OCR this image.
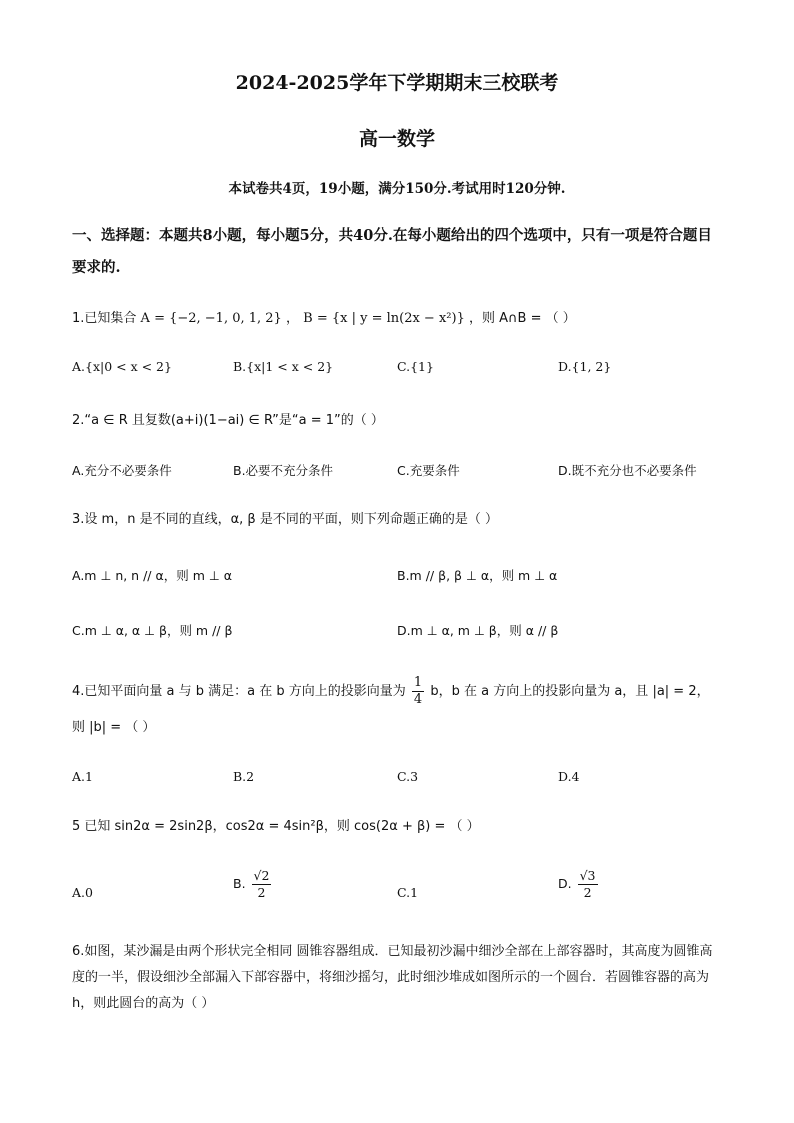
2024-2025学年下学期期末三校联考
高一数学
本试卷共4页，19小题，满分150分.考试用时120分钟.
一、选择题：本题共8小题，每小题5分，共40分.在每小题给出的四个选项中，只有一项是符合题目要求的.
1.已知集合 A = {−2, −1, 0, 1, 2} ， B = {x | y = ln(2x − x²)} ，则 A∩B = （ ）
A.{x|0 < x < 2}	B.{x|1 < x < 2}	C.{1}	D.{1, 2}
2.“a ∈ R 且复数(a+i)(1−ai) ∈ R”是“a = 1”的（ ）
A.充分不必要条件	B.必要不充分条件	C.充要条件	D.既不充分也不必要条件
3.设 m，n 是不同的直线，α, β 是不同的平面，则下列命题正确的是（ ）
A.m ⊥ n, n // α，则 m ⊥ α	B.m // β, β ⊥ α，则 m ⊥ α
C.m ⊥ α, α ⊥ β，则 m // β	D.m ⊥ α, m ⊥ β，则 α // β
4.已知平面向量 a 与 b 满足：a 在 b 方向上的投影向量为 $\frac{1}{4}$ b，b 在 a 方向上的投影向量为 a，且 |a| = 2，
则 |b| = （ ）
A.1	B.2	C.3	D.4
5 已知 sin2α = 2sin2β，cos2α = 4sin²β，则 cos(2α + β) = （ ）
A.0
B. $\frac{√2}{2}$	C.1
D. $\frac{√3}{2}$
6.如图，某沙漏是由两个形状完全相同 圆锥容器组成．已知最初沙漏中细沙全部在上部容器时，其高度为圆锥高度的一半，假设细沙全部漏入下部容器中，将细沙摇匀，此时细沙堆成如图所示的一个圆台．若圆锥容器的高为h，则此圆台的高为（ ）
